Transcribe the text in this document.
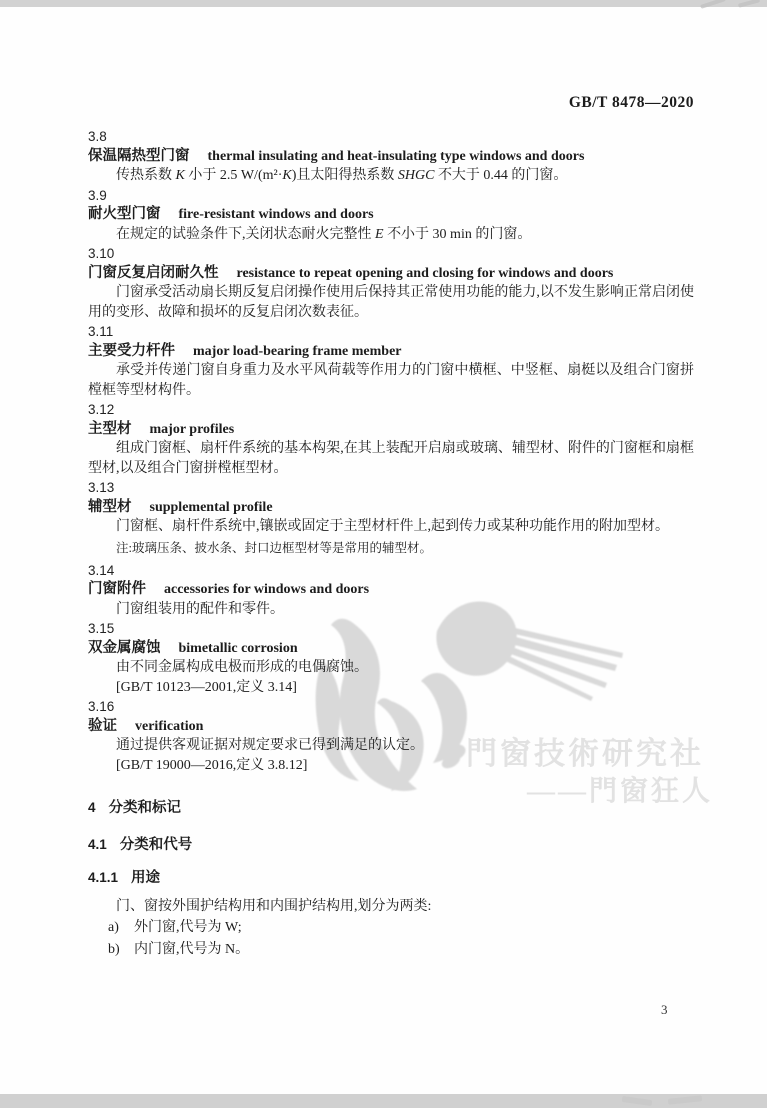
門窗技術研究社
——門窗狂人
GB/T 8478—2020
3.8
保温隔热型门窗 thermal insulating and heat-insulating type windows and doors

传热系数 K 小于 2.5 W/(m²·K)且太阳得热系数 SHGC 不大于 0.44 的门窗。

3.9
耐火型门窗 fire-resistant windows and doors

在规定的试验条件下,关闭状态耐火完整性 E 不小于 30 min 的门窗。

3.10
门窗反复启闭耐久性 resistance to repeat opening and closing for windows and doors

门窗承受活动扇长期反复启闭操作使用后保持其正常使用功能的能力,以不发生影响正常启闭使用的变形、故障和损坏的反复启闭次数表征。

3.11
主要受力杆件 major load-bearing frame member

承受并传递门窗自身重力及水平风荷载等作用力的门窗中横框、中竖框、扇梃以及组合门窗拼樘框等型材构件。

3.12
主型材 major profiles

组成门窗框、扇杆件系统的基本构架,在其上装配开启扇或玻璃、辅型材、附件的门窗框和扇框型材,以及组合门窗拼樘框型材。

3.13
辅型材 supplemental profile

门窗框、扇杆件系统中,镶嵌或固定于主型材杆件上,起到传力或某种功能作用的附加型材。

注:玻璃压条、披水条、封口边框型材等是常用的辅型材。

3.14
门窗附件 accessories for windows and doors

门窗组装用的配件和零件。

3.15
双金属腐蚀 bimetallic corrosion

由不同金属构成电极而形成的电偶腐蚀。

[GB/T 10123—2001,定义 3.14]

3.16
验证 verification

通过提供客观证据对规定要求已得到满足的认定。

[GB/T 19000—2016,定义 3.8.12]

4 分类和标记
4.1 分类和代号
4.1.1 用途

门、窗按外围护结构用和内围护结构用,划分为两类:

a) 外门窗,代号为 W;

b) 内门窗,代号为 N。

3
